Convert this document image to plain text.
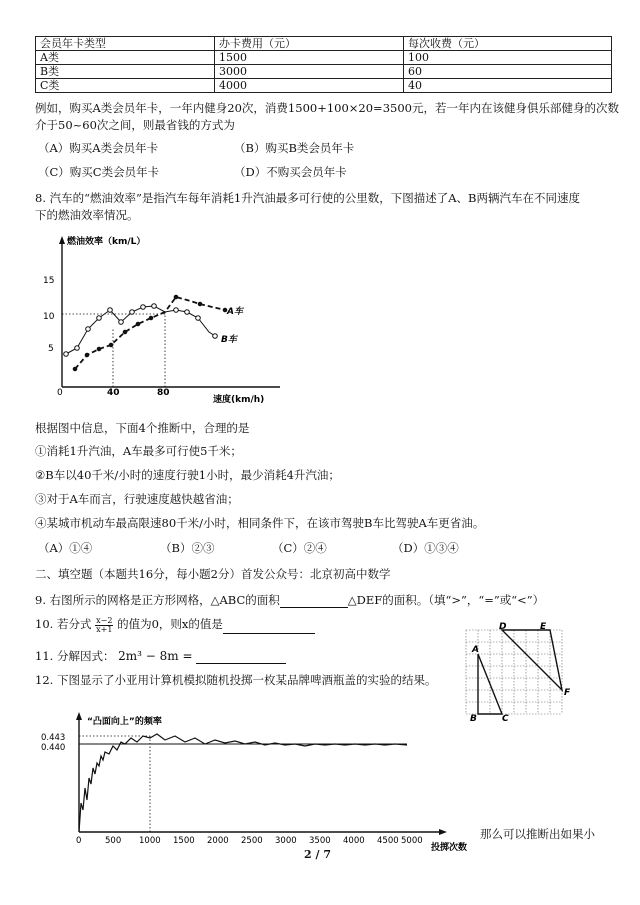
会员年卡类型	办卡费用（元）	每次收费（元）
A类	1500	100
B类	3000	60
C类	4000	40
例如，购买A类会员年卡，一年内健身20次，消费1500+100×20=3500元，若一年内在该健身俱乐部健身的次数
介于50~60次之间，则最省钱的方式为
（A）购买A类会员年卡	（B）购买B类会员年卡
（C）购买C类会员年卡	（D）不购买会员年卡
8. 汽车的“燃油效率”是指汽车每年消耗1升汽油最多可行使的公里数，下图描述了A、B两辆汽车在不同速度
下的燃油效率情况。
燃油效率（km/L）
速度(km/h)
0	40	80
5
10
15
A车
B车
根据图中信息，下面4个推断中，合理的是
①消耗1升汽油，A车最多可行使5千米；
②B车以40千米/小时的速度行驶1小时，最少消耗4升汽油；
③对于A车而言，行驶速度越快越省油；
④某城市机动车最高限速80千米/小时，相同条件下，在该市驾驶B车比驾驶A车更省油。
（A）①④	（B）②③	（C）②④	（D）①③④
二、填空题（本题共16分，每小题2分）首发公众号：北京初高中数学
9. 右图所示的网格是正方形网格，△ABC的面积	△DEF的面积。（填“>”，“=”或“<”）
10. 若分式 $\frac{x-2}{x+1}$ 的值为0，则x的值是
11. 分解因式： 2m³ − 8m =
12. 下图显示了小亚用计算机模拟随机投掷一枚某品牌啤酒瓶盖的实验的结果。
A
B	C
D	E
F
“凸面向上”的频率
0.443
0.440
0	500 1000 1500 2000 2500 3000 3500 4000 4500 5000
投掷次数
那么可以推断出如果小
2 / 7
